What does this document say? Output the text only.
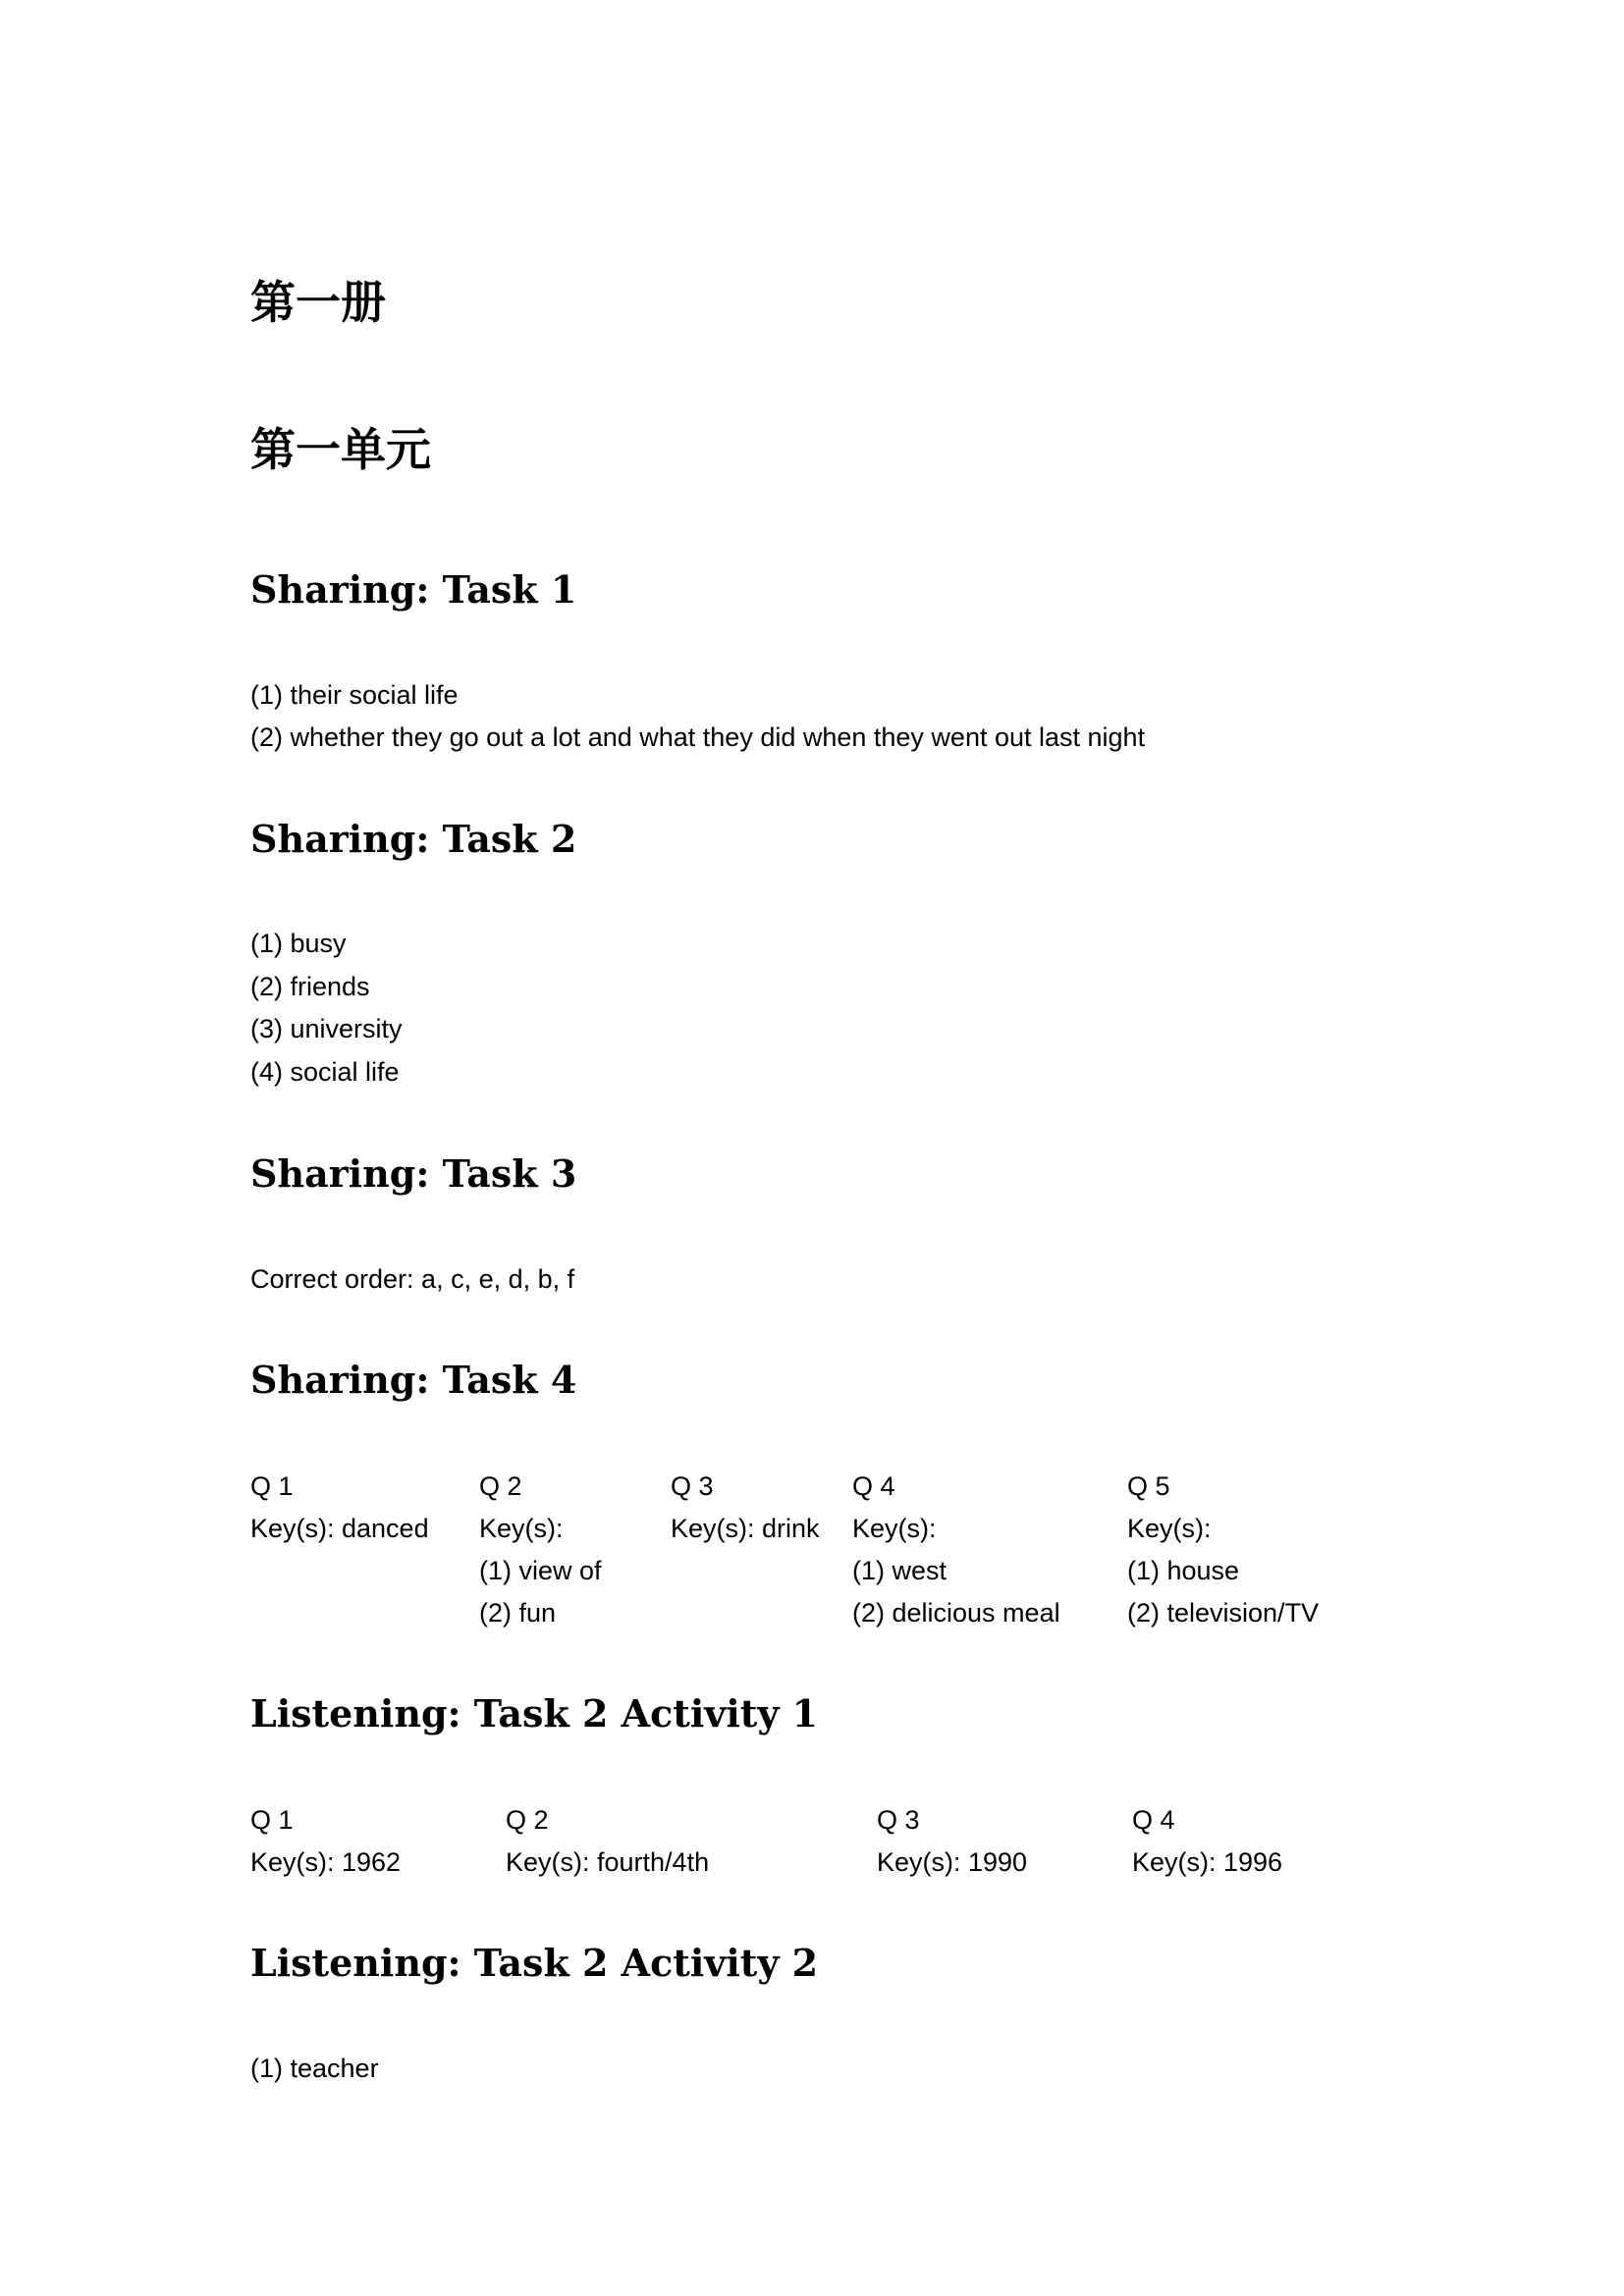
第一册
第一单元
Sharing: Task 1
(1) their social life
(2) whether they go out a lot and what they did when they went out last night
Sharing: Task 2
(1) busy
(2) friends
(3) university
(4) social life
Sharing: Task 3
Correct order: a, c, e, d, b, f
Sharing: Task 4
Q 1
Key(s): danced
Q 2
Key(s):
(1) view of
(2) fun
Q 3
Key(s): drink
Q 4
Key(s):
(1) west
(2) delicious meal
Q 5
Key(s):
(1) house
(2) television/TV
Listening: Task 2 Activity 1
Q 1
Key(s): 1962
Q 2
Key(s): fourth/4th
Q 3
Key(s): 1990
Q 4
Key(s): 1996
Listening: Task 2 Activity 2
(1) teacher
